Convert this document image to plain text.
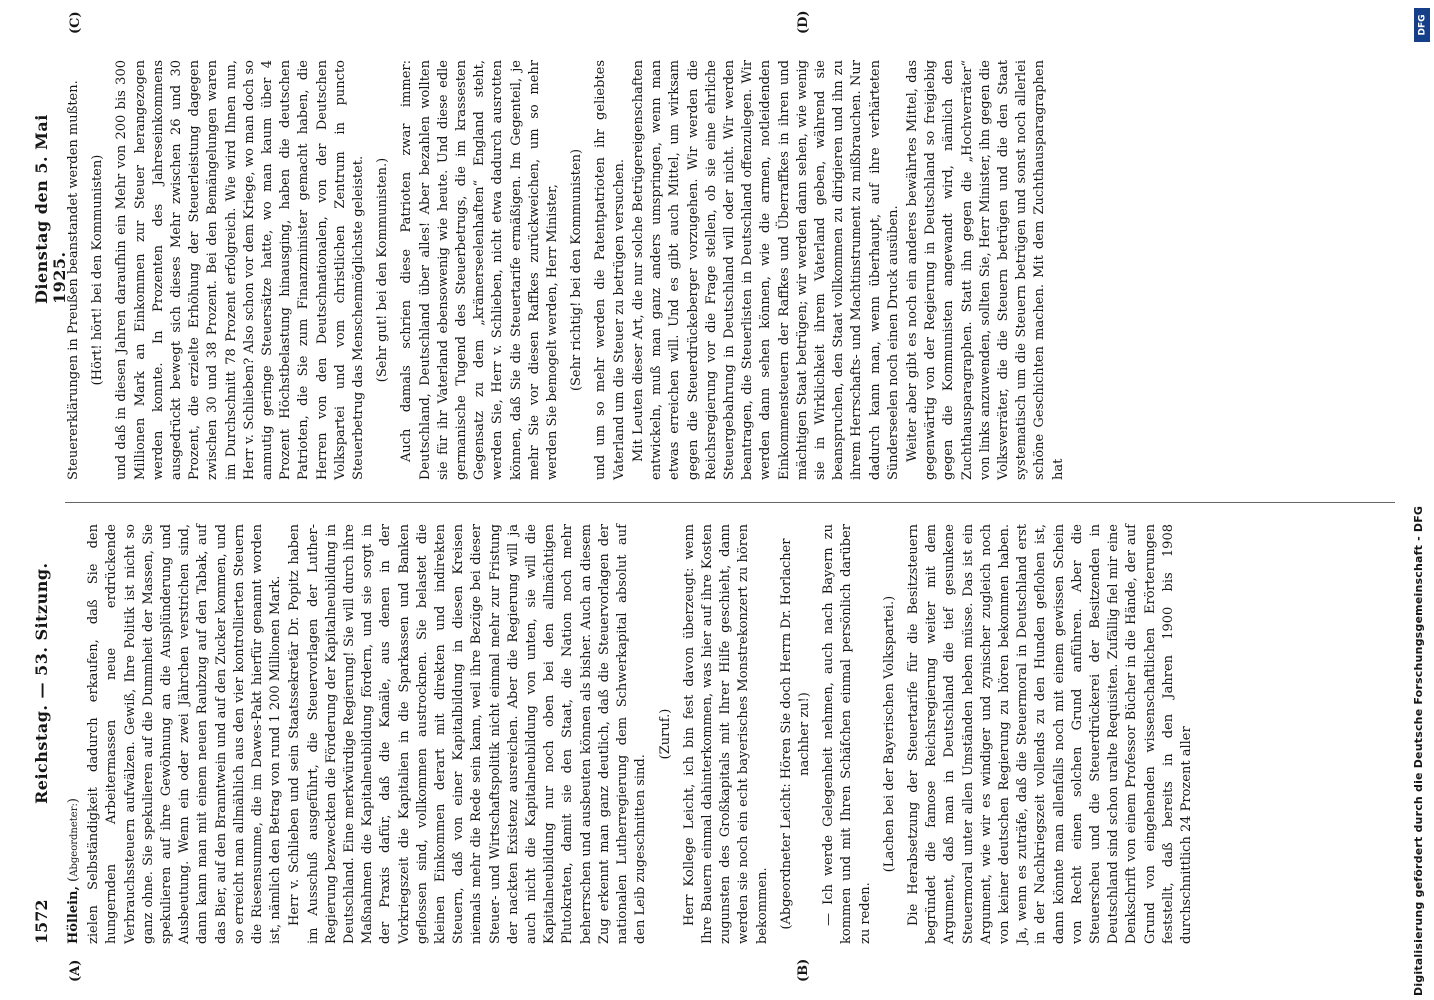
1572
Reichstag. — 53. Sitzung.
Dienstag den 5. Mai 1925.
(A)	(B)
(C)	(D)

Höllein, (Abgeordneter:) zielen Selbständigkeit dadurch erkaufen, daß Sie den hungernden Arbeitermassen neue erdrückende Verbrauchssteuern aufwälzen. Gewiß, Ihre Politik ist nicht so ganz ohne. Sie spekulieren auf die Dummheit der Massen, Sie spekulieren auf ihre Gewöhnung an die Ausplünderung und Ausbeutung. Wenn ein oder zwei Jährchen verstrichen sind, dann kann man mit einem neuen Raubzug auf den Tabak, auf das Bier, auf den Branntwein und auf den Zucker kommen, und so erreicht man allmählich aus den vier kontrollierten Steuern die Riesensumme, die im Dawes-Pakt hierfür genannt worden ist, nämlich den Betrag von rund 1 200 Millionen Mark. Herr v. Schlieben und sein Staatssekretär Dr. Popitz haben im Ausschuß ausgeführt, die Steuervorlagen der Luther-Regierung bezweckten die Förderung der Kapitalneubildung in Deutschland. Eine merkwürdige Regierung! Sie will durch ihre Maßnahmen die Kapitalneubildung fördern, und sie sorgt in der Praxis dafür, daß die Kanäle, aus denen in der Vorkriegszeit die Kapitalien in die Sparkassen und Banken geflossen sind, vollkommen austrocknen. Sie belastet die kleinen Einkommen derart mit direkten und indirekten Steuern, daß von einer Kapitalbildung in diesen Kreisen niemals mehr die Rede sein kann, weil ihre Bezüge bei dieser Steuer- und Wirtschaftspolitik nicht einmal mehr zur Fristung der nackten Existenz ausreichen. Aber die Regierung will ja auch nicht die Kapitalneubildung von unten, sie will die Kapitalneubildung nur noch oben bei den allmächtigen Plutokraten, damit sie den Staat, die Nation noch mehr beherrschen und ausbeuten können als bisher. Auch an diesem Zug erkennt man ganz deutlich, daß die Steuervorlagen der nationalen Lutherregierung dem Schwerkapital absolut auf den Leib zugeschnitten sind.

(Zuruf.) Herr Kollege Leicht, ich bin fest davon überzeugt: wenn Ihre Bauern einmal dahinterkommen, was hier auf ihre Kosten zugunsten des Großkapitals mit Ihrer Hilfe geschieht, dann werden sie noch ein echt bayerisches Monstrekonzert zu hören bekommen. (Abgeordneter Leicht: Hören Sie doch Herrn Dr. Horlacher nachher zu!) — Ich werde Gelegenheit nehmen, auch nach Bayern zu kommen und mit Ihren Schäfchen einmal persönlich darüber zu reden.

(Lachen bei der Bayerischen Volkspartei.) Die Herabsetzung der Steuertarife für die Besitzsteuern begründet die famose Reichsregierung weiter mit dem Argument, daß man in Deutschland die tief gesunkene Steuermoral unter allen Umständen heben müsse. Das ist ein Argument, wie wir es windiger und zynischer zugleich noch von keiner deutschen Regierung zu hören bekommen haben. Ja, wenn es zuträfe, daß die Steuermoral in Deutschland erst in der Nachkriegszeit vollends zu den Hunden geflohen ist, dann könnte man allenfalls noch mit einem gewissen Schein von Recht einen solchen Grund anführen. Aber die Steuerscheu und die Steuerdrückerei der Besitzenden in Deutschland sind schon uralte Requisiten. Zufällig fiel mir eine Denkschrift von einem Professor Bücher in die Hände, der auf Grund von eingehenden wissenschaftlichen Erörterungen feststellt, daß bereits in den Jahren 1900 bis 1908 durchschnittlich 24 Prozent aller

Steuererklärungen in Preußen beanstandet werden mußten. (Hört! hört! bei den Kommunisten) und daß in diesen Jahren daraufhin ein Mehr von 200 bis 300 Millionen Mark an Einkommen zur Steuer herangezogen werden konnte. In Prozenten des Jahreseinkommens ausgedrückt bewegt sich dieses Mehr zwischen 26 und 30 Prozent, die erzielte Erhöhung der Steuerleistung dagegen zwischen 30 und 38 Prozent. Bei den Bemängelungen waren im Durchschnitt 78 Prozent erfolgreich. Wie wird Ihnen nun, Herr v. Schlieben? Also schon vor dem Kriege, wo man doch so anmutig geringe Steuersätze hatte, wo man kaum über 4 Prozent Höchstbelastung hinausging, haben die deutschen Patrioten, die Sie zum Finanzminister gemacht haben, die Herren von den Deutschnationalen, von der Deutschen Volkspartei und vom christlichen Zentrum in puncto Steuerbetrug das Menschenmöglichste geleistet. (Sehr gut! bei den Kommunisten.) Auch damals schrien diese Patrioten zwar immer: Deutschland, Deutschland über alles! Aber bezahlen wollten sie für ihr Vaterland ebensowenig wie heute. Und diese edle germanische Tugend des Steuerbetrugs, die im krassesten Gegensatz zu dem „krämerseelenhaften“ England steht, werden Sie, Herr v. Schlieben, nicht etwa dadurch ausrotten können, daß Sie die Steuertarife ermäßigen. Im Gegenteil, je mehr Sie vor diesen Raffkes zurückweichen, um so mehr werden Sie bemogelt werden, Herr Minister, (Sehr richtig! bei den Kommunisten) und um so mehr werden die Patentpatrioten ihr geliebtes Vaterland um die Steuer zu betrügen versuchen. Mit Leuten dieser Art, die nur solche Betrügereigenschaften entwickeln, muß man ganz anders umspringen, wenn man etwas erreichen will. Und es gibt auch Mittel, um wirksam gegen die Steuerdrückeberger vorzugehen. Wir werden die Reichsregierung vor die Frage stellen, ob sie eine ehrliche Steuergebahrung in Deutschland will oder nicht. Wir werden beantragen, die Steuerlisten in Deutschland offenzulegen. Wir werden dann sehen können, wie die armen, notleidenden Einkommensteuern der Raffkes und Überraffkes in ihren und mächtigen Staat betrügen; wir werden dann sehen, wie wenig sie in Wirklichkeit ihrem Vaterland geben, während sie beanspruchen, den Staat vollkommen zu dirigieren und ihn zu ihrem Herrschafts- und Machtinstrument zu mißbrauchen. Nur dadurch kann man, wenn überhaupt, auf ihre verhärteten Sünderseelen noch einen Druck ausüben. Weiter aber gibt es noch ein anderes bewährtes Mittel, das gegenwärtig von der Regierung in Deutschland so freigiebig gegen die Kommunisten angewandt wird, nämlich den Zuchthausparagraphen. Statt ihn gegen die „Hochverräter“ von links anzuwenden, sollten Sie, Herr Minister, ihn gegen die Volksverräter, die die Steuern betrügen und die den Staat systematisch um die Steuern betrügen und sonst noch allerlei schöne Geschichten machen. Mit dem Zuchthausparagraphen hat

DFG
Digitalisierung gefördert durch die Deutsche Forschungsgemeinschaft - DFG
